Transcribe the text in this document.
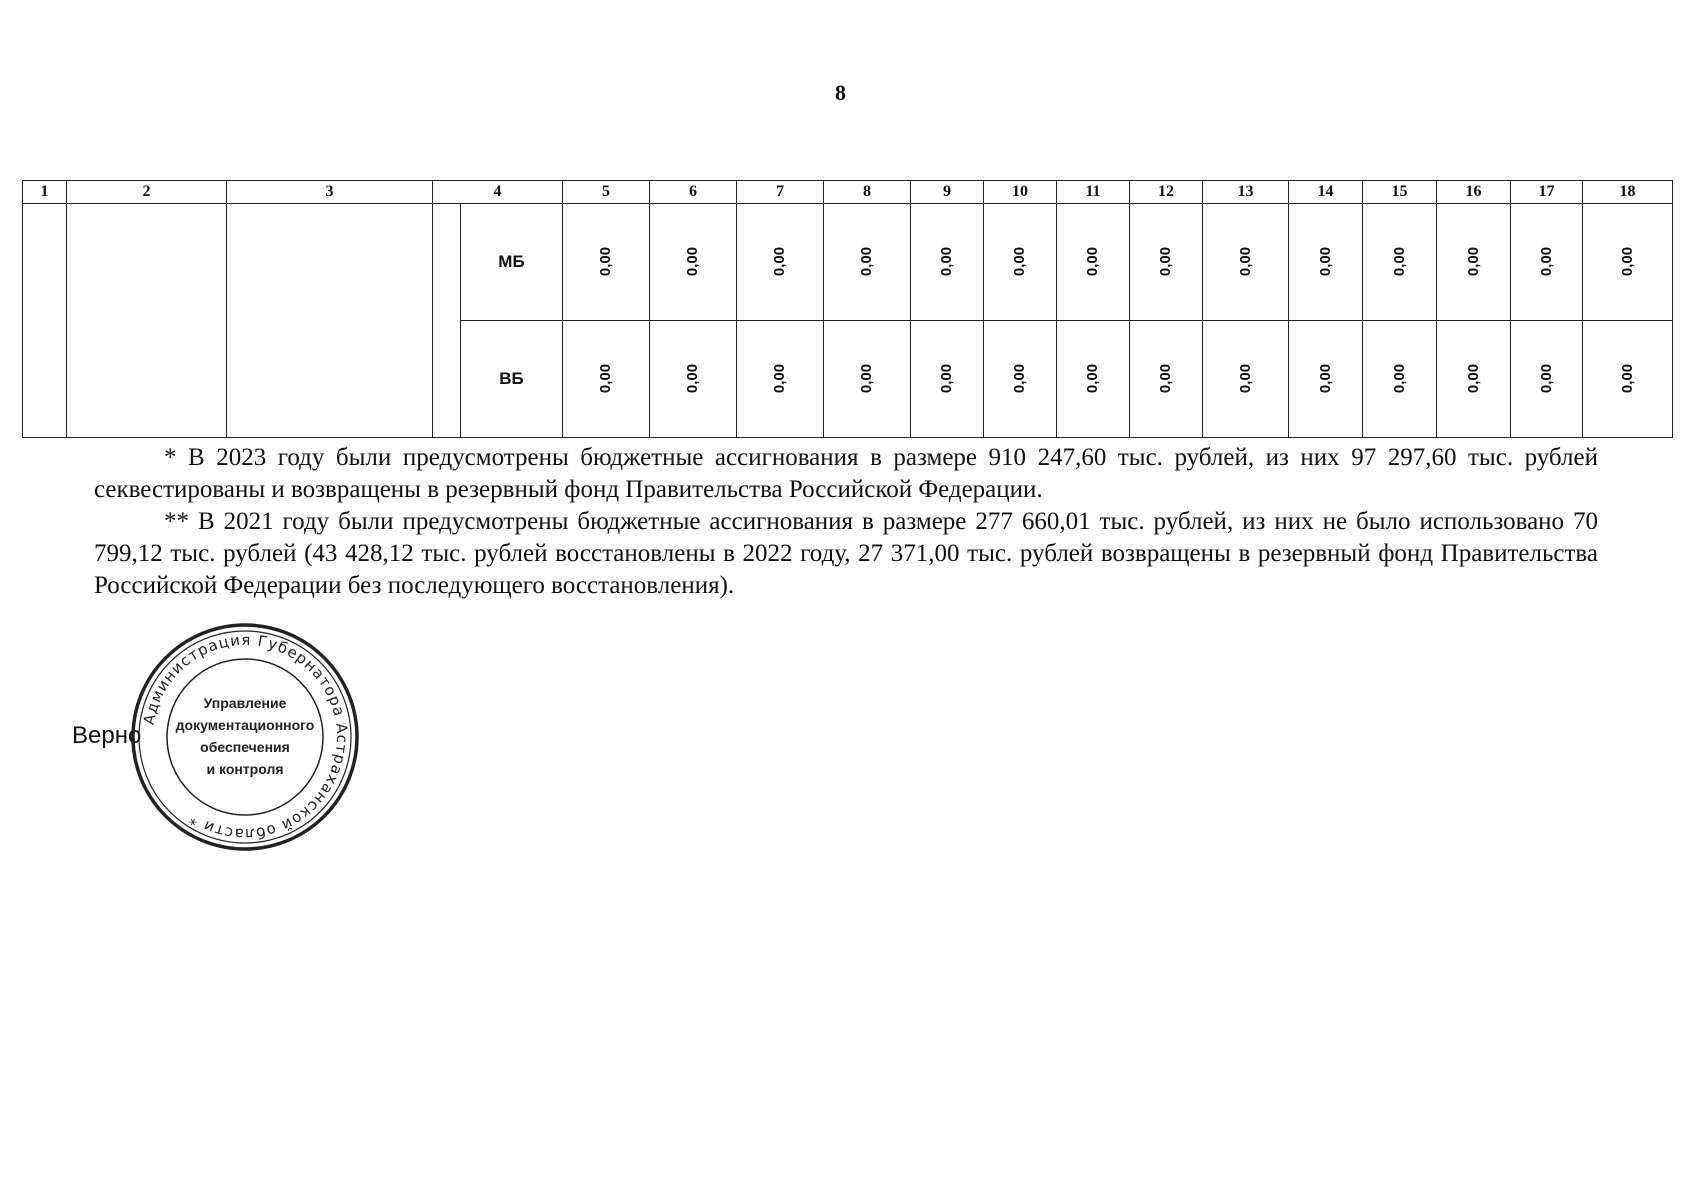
8
1	2	3	4		5	6	7	8	9	10	11	12	13	14	15	16	17	18
				МБ	0,00	0,00	0,00	0,00	0,00	0,00	0,00	0,00	0,00	0,00	0,00	0,00	0,00	0,00
				ВБ	0,00	0,00	0,00	0,00	0,00	0,00	0,00	0,00	0,00	0,00	0,00	0,00	0,00	0,00

* В 2023 году были предусмотрены бюджетные ассигнования в размере 910 247,60 тыс. рублей, из них 97 297,60 тыс. рублей секвестированы и возвращены в резервный фонд Правительства Российской Федерации.

** В 2021 году были предусмотрены бюджетные ассигнования в размере 277 660,01 тыс. рублей, из них не было использовано 70 799,12 тыс. рублей (43 428,12 тыс. рублей восстановлены в 2022 году, 27 371,00 тыс. рублей возвращены в резервный фонд Правительства Российской Федерации без последующего восстановления).

Верно
Администрация Губернатора Астраханской области *
Управление
документационного
обеспечения
и контроля
